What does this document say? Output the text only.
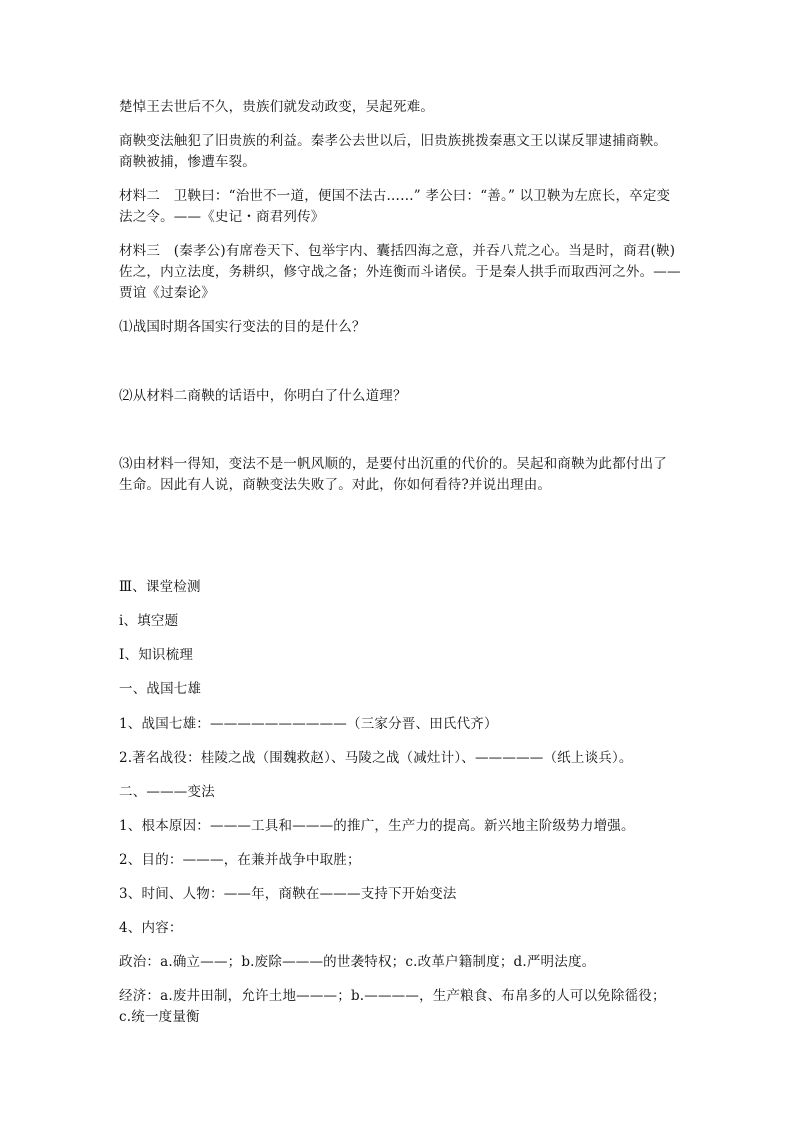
楚悼王去世后不久，贵族们就发动政变，吴起死难。
商鞅变法触犯了旧贵族的利益。秦孝公去世以后，旧贵族挑拨秦惠文王以谋反罪逮捕商鞅。
商鞅被捕，惨遭车裂。
材料二　卫鞅曰：“治世不一道，便国不法古……” 孝公曰：“善。” 以卫鞅为左庶长，卒定变
法之令。——《史记・商君列传》
材料三　(秦孝公)有席卷天下、包举宇内、囊括四海之意，并吞八荒之心。当是时，商君(鞅)
佐之，内立法度，务耕织，修守战之备；外连衡而斗诸侯。于是秦人拱手而取西河之外。——
贾谊《过秦论》
⑴战国时期各国实行变法的目的是什么？
⑵从材料二商鞅的话语中，你明白了什么道理？
⑶由材料一得知，变法不是一帆风顺的，是要付出沉重的代价的。吴起和商鞅为此都付出了
生命。因此有人说，商鞅变法失败了。对此，你如何看待?并说出理由。
Ⅲ、课堂检测
ⅰ、填空题
Ⅰ、知识梳理
一、战国七雄
1、战国七雄：——————————（三家分晋、田氏代齐）
2.著名战役：桂陵之战（围魏救赵）、马陵之战（减灶计）、—————（纸上谈兵）。
二、———变法
1、根本原因：———工具和———的推广，生产力的提高。新兴地主阶级势力增强。
2、目的：———，在兼并战争中取胜；
3、时间、人物：——年，商鞅在———支持下开始变法
4、内容：
政治：a.确立——；b.废除———的世袭特权；c.改革户籍制度；d.严明法度。
经济：a.废井田制，允许土地———；b.————，生产粮食、布帛多的人可以免除徭役；
c.统一度量衡
